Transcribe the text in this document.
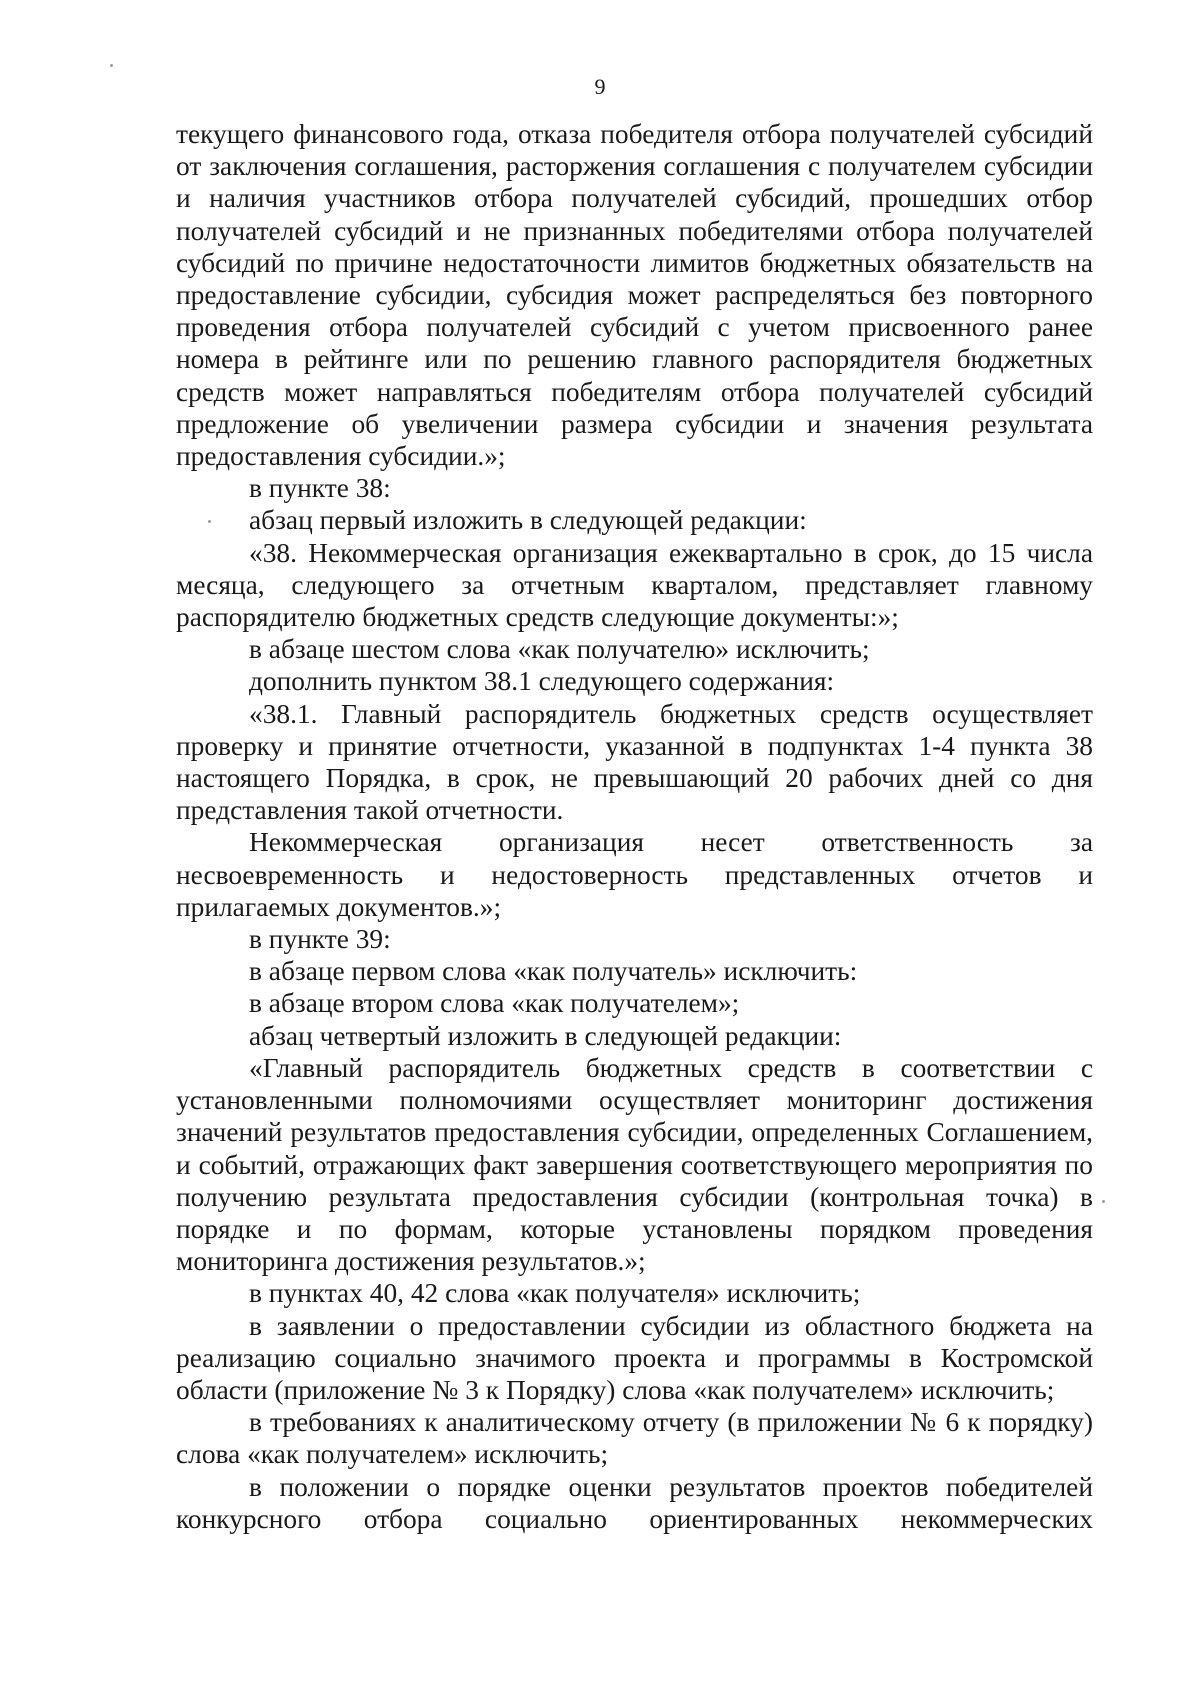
9

текущего финансового года, отказа победителя отбора получателей субсидий от заключения соглашения, расторжения соглашения с получателем субсидии и наличия участников отбора получателей субсидий, прошедших отбор получателей субсидий и не признанных победителями отбора получателей субсидий по причине недостаточности лимитов бюджетных обязательств на предоставление субсидии, субсидия может распределяться без повторного проведения отбора получателей субсидий с учетом присвоенного ранее номера в рейтинге или по решению главного распорядителя бюджетных средств может направляться победителям отбора получателей субсидий предложение об увеличении размера субсидии и значения результата предоставления субсидии.»;

в пункте 38:

абзац первый изложить в следующей редакции:

«38. Некоммерческая организация ежеквартально в срок, до 15 числа месяца, следующего за отчетным кварталом, представляет главному распорядителю бюджетных средств следующие документы:»;

в абзаце шестом слова «как получателю» исключить;

дополнить пунктом 38.1 следующего содержания:

«38.1. Главный распорядитель бюджетных средств осуществляет проверку и принятие отчетности, указанной в подпунктах 1-4 пункта 38 настоящего Порядка, в срок, не превышающий 20 рабочих дней со дня представления такой отчетности.

Некоммерческая организация несет ответственность за несвоевременность и недостоверность представленных отчетов и прилагаемых документов.»;

в пункте 39:

в абзаце первом слова «как получатель» исключить:

в абзаце втором слова «как получателем»;

абзац четвертый изложить в следующей редакции:

«Главный распорядитель бюджетных средств в соответствии с установленными полномочиями осуществляет мониторинг достижения значений результатов предоставления субсидии, определенных Соглашением, и событий, отражающих факт завершения соответствующего мероприятия по получению результата предоставления субсидии (контрольная точка) в порядке и по формам, которые установлены порядком проведения мониторинга достижения результатов.»;

в пунктах 40, 42 слова «как получателя» исключить;

в заявлении о предоставлении субсидии из областного бюджета на реализацию социально значимого проекта и программы в Костромской области (приложение № 3 к Порядку) слова «как получателем» исключить;

в требованиях к аналитическому отчету (в приложении № 6 к порядку) слова «как получателем» исключить;

в положении о порядке оценки результатов проектов победителей конкурсного отбора социально ориентированных некоммерческих
